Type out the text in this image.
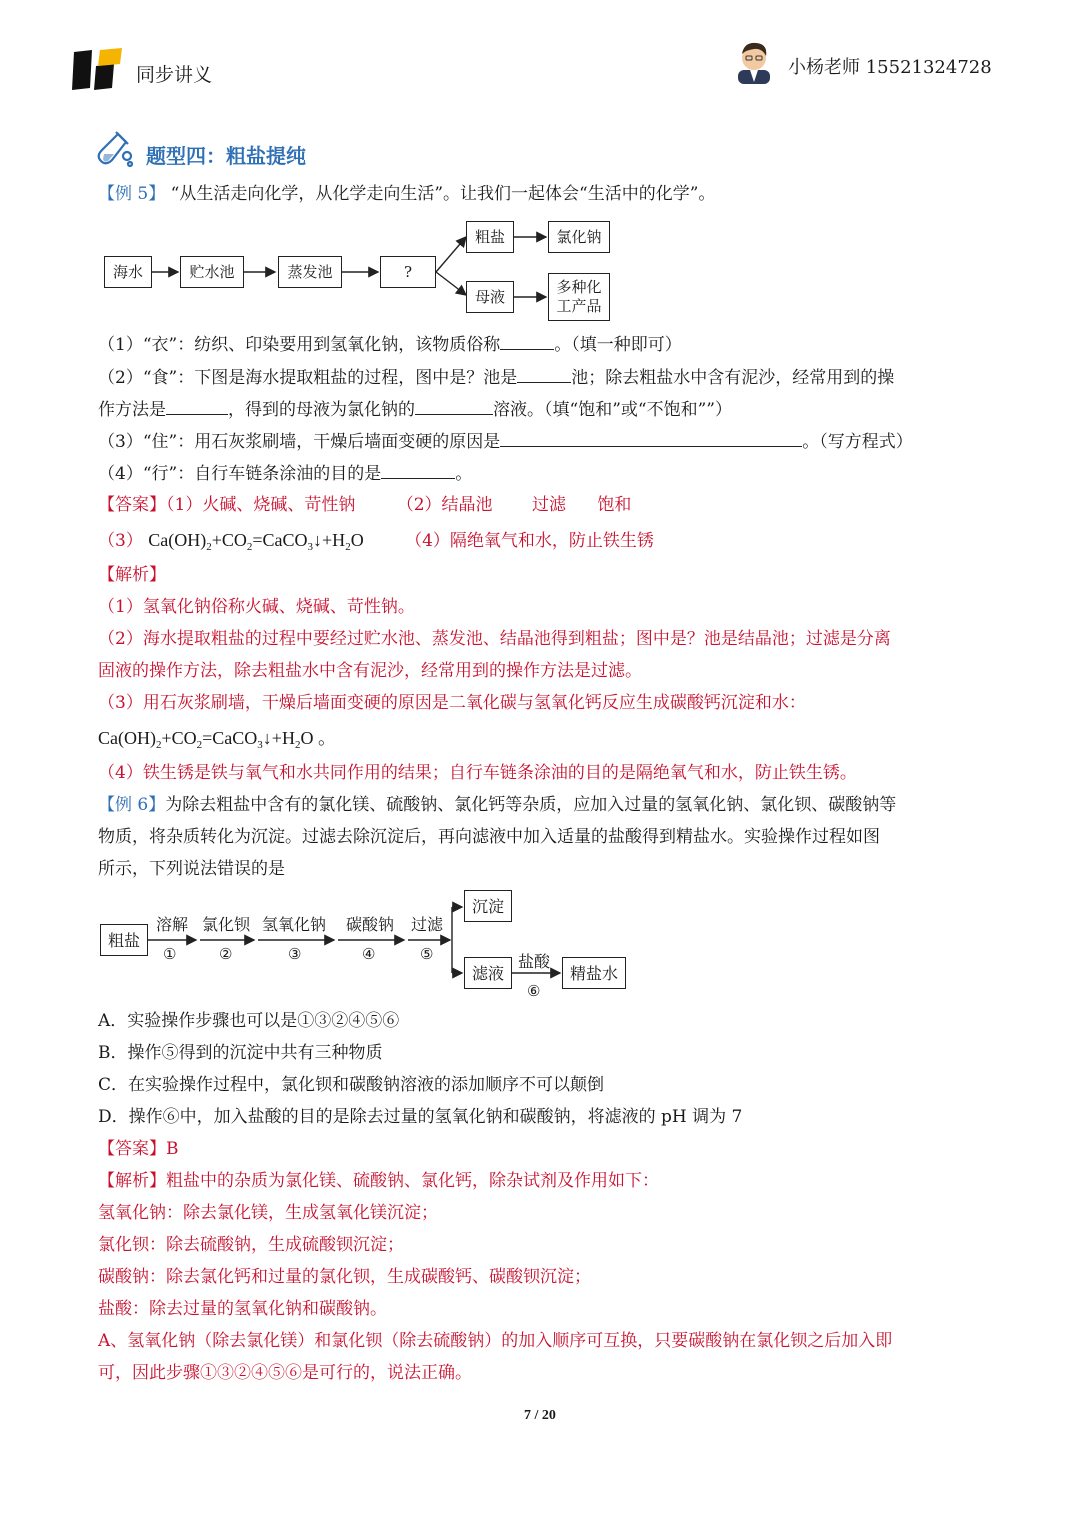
同步讲义	小杨老师 15521324728
题型四：粗盐提纯
【例 5】 “从生活走向化学，从化学走向生活”。让我们一起体会“生活中的化学”。
海水	贮水池	蒸发池	?
粗盐	氯化钠
母液
多种化
工产品
（1）“衣”：纺织、印染要用到氢氧化钠，该物质俗称	。（填一种即可）
（2）“食”：下图是海水提取粗盐的过程，图中是？池是	池；除去粗盐水中含有泥沙，经常用到的操
作方法是	，得到的母液为氯化钠的	溶液。（填“饱和”或“不饱和””）
（3）“住”：用石灰浆刷墙，干燥后墙面变硬的原因是	。（写方程式）
（4）“行”：自行车链条涂油的目的是	。
【答案】（1）火碱、烧碱、苛性钠 （2）结晶池 过滤 饱和
（3） $Ca(OH)_2+CO_2=CaCO_3↓+H_2O$ （4）隔绝氧气和水，防止铁生锈
【解析】
（1）氢氧化钠俗称火碱、烧碱、苛性钠。
（2）海水提取粗盐的过程中要经过贮水池、蒸发池、结晶池得到粗盐；图中是？池是结晶池；过滤是分离
固液的操作方法，除去粗盐水中含有泥沙，经常用到的操作方法是过滤。
（3）用石灰浆刷墙，干燥后墙面变硬的原因是二氧化碳与氢氧化钙反应生成碳酸钙沉淀和水：
$Ca(OH)_2+CO_2=CaCO_3↓+H_2O$ 。
（4）铁生锈是铁与氧气和水共同作用的结果；自行车链条涂油的目的是隔绝氧气和水，防止铁生锈。
【例 6】为除去粗盐中含有的氯化镁、硫酸钠、氯化钙等杂质，应加入过量的氢氧化钠、氯化钡、碳酸钠等
物质，将杂质转化为沉淀。过滤去除沉淀后，再向滤液中加入适量的盐酸得到精盐水。实验操作过程如图
所示，下列说法错误的是
粗盐
溶解 氯化钡 氢氧化钠 碳酸钠 过滤
①	②	③	④	⑤
沉淀
滤液
盐酸
⑥
精盐水
A．实验操作步骤也可以是①③②④⑤⑥
B．操作⑤得到的沉淀中共有三种物质
C．在实验操作过程中，氯化钡和碳酸钠溶液的添加顺序不可以颠倒
D．操作⑥中，加入盐酸的目的是除去过量的氢氧化钠和碳酸钠，将滤液的 pH 调为 7
【答案】B
【解析】粗盐中的杂质为氯化镁、硫酸钠、氯化钙，除杂试剂及作用如下：
氢氧化钠：除去氯化镁，生成氢氧化镁沉淀；
氯化钡：除去硫酸钠，生成硫酸钡沉淀；
碳酸钠：除去氯化钙和过量的氯化钡，生成碳酸钙、碳酸钡沉淀；
盐酸：除去过量的氢氧化钠和碳酸钠。
A、氢氧化钠（除去氯化镁）和氯化钡（除去硫酸钠）的加入顺序可互换，只要碳酸钠在氯化钡之后加入即
可，因此步骤①③②④⑤⑥是可行的，说法正确。
7 / 20
